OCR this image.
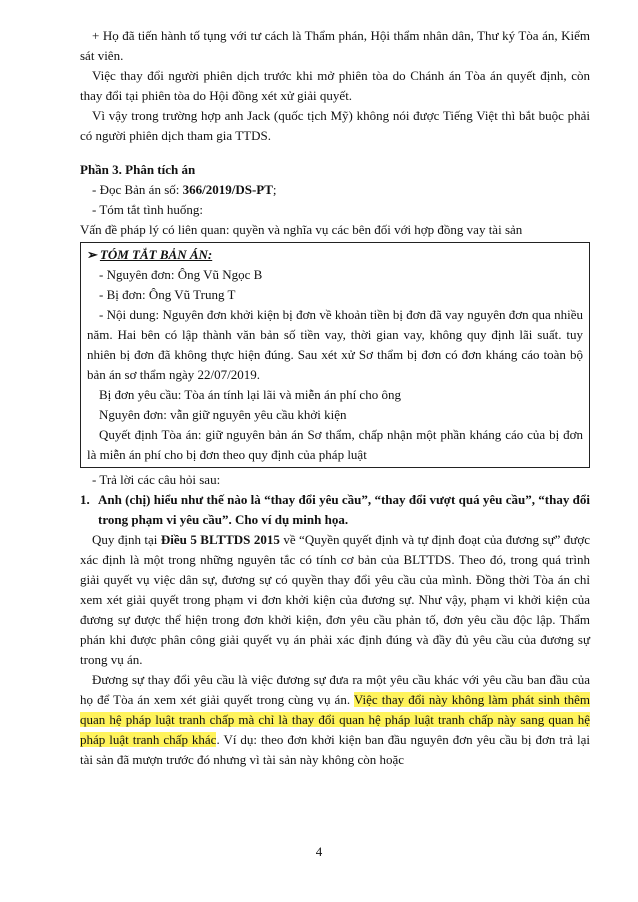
+ Họ đã tiến hành tố tụng với tư cách là Thẩm phán, Hội thẩm nhân dân, Thư ký Tòa án, Kiểm sát viên.

Việc thay đổi người phiên dịch trước khi mở phiên tòa do Chánh án Tòa án quyết định, còn thay đổi tại phiên tòa do Hội đồng xét xử giải quyết.

Vì vậy trong trường hợp anh Jack (quốc tịch Mỹ) không nói được Tiếng Việt thì bắt buộc phải có người phiên dịch tham gia TTDS.

Phần 3. Phân tích án

- Đọc Bản án số: 366/2019/DS-PT;

- Tóm tắt tình huống:

Vấn đề pháp lý có liên quan: quyền và nghĩa vụ các bên đối với hợp đồng vay tài sản

➢ TÓM TẮT BẢN ÁN:

- Nguyên đơn: Ông Vũ Ngọc B

- Bị đơn: Ông Vũ Trung T

- Nội dung: Nguyên đơn khởi kiện bị đơn về khoản tiền bị đơn đã vay nguyên đơn qua nhiều năm. Hai bên có lập thành văn bản số tiền vay, thời gian vay, không quy định lãi suất. tuy nhiên bị đơn đã không thực hiện đúng. Sau xét xử Sơ thẩm bị đơn có đơn kháng cáo toàn bộ bản án sơ thẩm ngày 22/07/2019.

Bị đơn yêu cầu: Tòa án tính lại lãi và miễn án phí cho ông

Nguyên đơn: vẫn giữ nguyên yêu cầu khởi kiện

Quyết định Tòa án: giữ nguyên bản án Sơ thẩm, chấp nhận một phần kháng cáo của bị đơn là miễn án phí cho bị đơn theo quy định của pháp luật

- Trả lời các câu hỏi sau:

1. Anh (chị) hiểu như thế nào là “thay đổi yêu cầu”, “thay đổi vượt quá yêu cầu”, “thay đổi trong phạm vi yêu cầu”. Cho ví dụ minh họa.

Quy định tại Điều 5 BLTTDS 2015 về “Quyền quyết định và tự định đoạt của đương sự” được xác định là một trong những nguyên tắc có tính cơ bản của BLTTDS. Theo đó, trong quá trình giải quyết vụ việc dân sự, đương sự có quyền thay đổi yêu cầu của mình. Đồng thời Tòa án chỉ xem xét giải quyết trong phạm vi đơn khởi kiện của đương sự. Như vậy, phạm vi khởi kiện của đương sự được thể hiện trong đơn khởi kiện, đơn yêu cầu phản tố, đơn yêu cầu độc lập. Thẩm phán khi được phân công giải quyết vụ án phải xác định đúng và đầy đủ yêu cầu của đương sự trong vụ án.

Đương sự thay đổi yêu cầu là việc đương sự đưa ra một yêu cầu khác với yêu cầu ban đầu của họ để Tòa án xem xét giải quyết trong cùng vụ án. Việc thay đổi này không làm phát sinh thêm quan hệ pháp luật tranh chấp mà chỉ là thay đổi quan hệ pháp luật tranh chấp này sang quan hệ pháp luật tranh chấp khác. Ví dụ: theo đơn khởi kiện ban đầu nguyên đơn yêu cầu bị đơn trả lại tài sản đã mượn trước đó nhưng vì tài sản này không còn hoặc

4
